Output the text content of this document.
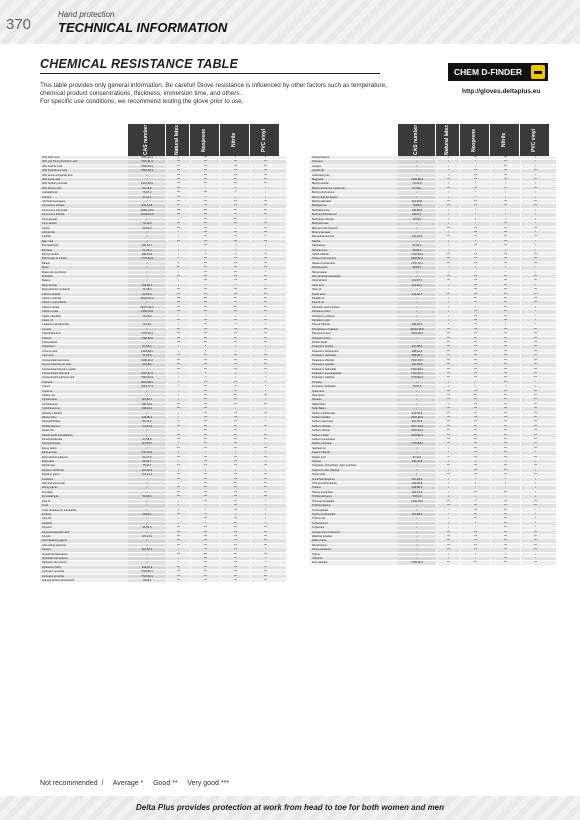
370
Hand protection
TECHNICAL INFORMATION
CHEMICAL RESISTANCE TABLE
This table provides only general information. Be careful! Glove resistance is influenced by other factors such as temperature,
chemical product concentrations, thickness, immersion time, and others.
For specific use conditions, we recommend testing the glove prior to use.
CHEM D-FINDER
http://gloves.deltaplus.eu
CAS number	Natural latex	Neoprene	Nitrile	PVC vinyl
20% Nitric acid	7697-37-2	/	***	*	*
30% and 5% Hydrochloric acid	7647-01-0	***	***	***	***
30% Sulfuric acid	7664-93-9	***	***	***	***
30% Hydrofluoric acid	7664-39-3	***	***	***	***
30% acetic anhydride acid	/	***	***	***	***
40% acetic acid	/	***	***	***	***
30% Sodium peroxide	1313-60-6	***	***	***	***
40% Formic acid	64-18-6	***	*	**	*
Acetaldehyde	75-07-0	***	***	*	/
Acetone	67-64-1	***	*	/	/
Alcoholic beverages	/	***	***	***	***
Ammonium acetate	631-61-8	***	***	***	***
Ammonium carbonate	10361-29-2	***	***	***	***
Ammonium fluoride	12125-01-8	***	***	***	***
Amyl acetate	/	/	***	***	/
Amyl alcohol	71-41-0	***	***	***	***
Aniline	62-53-3	***	***	/	***
Animal fats	/	*	***	***	***
Asphalt	/	/	***	***	**
Beer mud	/	***	***	***	***
Benzaldehyde	100-52-7	/	***	/	/
Benzene	71-43-2	/	/	*	/
Benzyl alcohol	100-51-6	*	**	**	**
Bichromate of potash	7778-50-9	*	***	***	***
Bleach	/	**	***	***	***
Borax	/	***	***	***	***
Brake oils (synthetic)	/	/	***	***	*
Bromides	/	***	***	***	***
Butane	/	/	***	***	***
Butyl acetate	123-86-4	/	*	*	/
Butyl alcohol (n-butanol)	71-36-3	***	***	***	***
Calcium acetate	62-54-4	***	***	***	***
Calcium chloride	10043-52-4	***	***	***	***
Calcium hypochlorite	/	***	***	***	***
Calcium nitrate	13477-34-4	***	***	***	***
Calcium oxide	1305-78-8	***	***	***	***
Carbon disulfide	75-15-0	/	/	/	/
Castor oil	/	***	***	***	***
Cellulose (decafluoride)	76-13-1	/	***	**	*
Cement	/	***	***	***	***
Chlorinated lime	7778-54-3	***	***	***	***
Chlorine	7782-50-5	***	***	***	***
Chloroethane	/	***	***	***	***
Chloroform	67-66-3	/	*	/	/
Chromic acid	1333-82-0	/	*	/	*
Citric acid	77-92-9	***	***	***	***
Concentrated ammonia	1336-21-6	***	***	***	***
Concentrated formic acid	64-18-6	***	***	***	***
Concentrated laundry powder	/	***	***	***	***
Concentrated nitric acid	7697-37-2	/	*	/	*
Concentrated sulphuric acid	7664-93-9	/	*	/	*
Creosote	8001-58-9	/	***	***	*
Cresol	1319-77-3	*	***	**	*
Crude oil	/	/	***	***	*
Cutting oils	/	/	***	***	***
Cyclohexane	110-82-7	/	***	***	/
Cyclohexanol	108-93-0	***	***	***	***
Cyclohexanone	108-94-1	***	***	/	/
Dicalcium alcohol	/	/	***	***	***
Dibutyl ether	142-96-1	/	***	***	/
Dibutylphthalate	84-74-2	**	***	***	*
Diethanolamine	111-42-2	***	***	***	***
Diesel oils	/	/	***	***	*
Diluted acids and alkalines	/	***	***	***	***
Dimethylsulfoxide	67-68-5	***	***	***	***
Dioctylphthalate	117-81-7	*	***	***	/
Epoxy resins	/	***	***	***	***
Ethyl acetate	141-78-6	/	*	/	/
Ethyl alcohol (ethanol)	64-17-5	***	***	***	***
Ethyl ether	60-29-7	/	***	***	/
Ethylamine	75-04-7	***	***	***	***
Ethylene dichloride	107-06-2	/	/	/	/
Ethylene glycol	107-21-1	***	***	***	***
Fertilizers	/	***	***	***	***
Fish and animal oils	/	/	***	***	***
Fixing agents	/	***	***	***	***
Fluorides	/	***	***	***	***
Formaldehyde	50-00-0	***	***	***	***
Fuel oil	/	/	***	***	*
Fuels	/	/	*	***	*
Fuels (fuel/fuel oil, bundstoffe)	/	/	*	***	*
Furfural	98-01-1	***	**	/	/
Gas oils	/	/	***	***	*
Gasoline	/	/	*	***	*
Glycerin	56-81-5	***	***	***	***
Glycerophosphoric acid	/	***	***	***	***
Glycols	107-21-1	***	***	***	***
Hair bleaching agents	/	***	***	***	***
Hair curling products	/	***	***	***	***
Hexane	110-54-3	/	***	***	*
Household detergents	/	***	***	***	***
Hydraulic fluid (esters)	/	/	***	***	*
Hydraulic oils (petrol)	/	/	***	***	*
Hydrazine (65%)	302-01-2	***	***	***	***
Hydrogen peroxide	7722-84-1	***	***	***	***
Hydrogen peroxide	7722-84-1	***	***	***	***
Isobutyl alcohol (isobutanol)	78-83-1	***	***	***	***
CAS number	Natural latex	Neoprene	Nitrile	PVC vinyl
Isobutyl ketone	/	/	***	***	/
Kerosene	/	/	*	***	*
Lacquer	/	/	/	***	*
Lanolin fat	/	*	***	***	***
Lubricating oils	/	/	***	***	*
Magnesia	1309-48-4	***	***	***	***
Methyl acetate	79-20-9	/	*	/	/
Methyl alcohol (or methanol)	67-56-1	***	***	***	***
Methyl ethyl ketone	/	/	*	/	/
Methyl isobutyl ketone	/	/	*	/	/
Methyl salicylate	119-36-8	***	***	***	***
Methylamine	74-89-5	***	***	***	***
Methylbenzene	108-88-3	/	*	*	/
Methylcyclohexanone	98-37-7	/	*	*	/
Methylene chloride	75-09-2	/	/	/	/
Methylformate	/	/	*	***	*
Milk and milk products	/	***	***	***	***
Mineral greases	/	/	***	***	*
Monoethanolamine	141-43-5	***	***	***	***
Naphta	/	/	*	***	*
Naphtalene	91-20-3	/	***	***	*
Nitrobenzene	98-95-3	/	*	/	/
Nickel chloride	7718-54-9	***	***	***	***
Nitrate of ammonium	6484-52-2	***	***	***	***
Nitrate of potassium	7757-79-1	***	***	***	***
Nitrobenzene	98-95-3	/	/	/	/
Nitropropane	/	/	*	*	/
Non-alcoholic beverages	/	***	***	***	***
Octyl alcohol	111-87-5	***	***	***	***
Oleic acid	112-80-1	/	***	***	*
Olive oil	/	/	***	***	***
Oxalic acid	144-62-7	***	***	***	***
Paraffin oil	/	/	***	***	***
Peanut oil	/	/	***	***	***
Perchloric acid mixtures	/	/	*	***	/
Petroleum ether	/	/	***	***	*
Petroleum products	/	/	***	***	*
Petroleum spirit	/	/	***	***	*
Phenol chloride	108-95-2	*	***	/	*
Phosphates of calcium	10103-46-5	***	***	***	***
Phosphoric acid	7664-38-2	***	***	***	***
Polyester resins	/	***	***	***	***
Potash liquid	/	***	***	***	***
Potassium acetate	127-08-2	***	***	***	***
Potassium bicarbonate	298-14-6	***	***	***	***
Potassium carbonate	584-08-7	***	***	***	***
Potassium chloride	7447-40-7	***	***	***	***
Potassium cyanide	151-50-8	***	***	***	***
Potassium hydroxide	1310-58-3	***	***	***	***
Potassium permanganate	7722-64-7	***	***	***	***
Potassium sulphate	7778-80-5	***	***	***	***
Propane	/	/	*	***	*
Propylene dichloride	78-87-5	/	/	/	/
Quick lime	/	***	***	***	***
Shampoos	/	***	***	***	***
Silicates	/	***	***	***	***
Skidoil Dien	/	/	***	***	***
Soap flakes	/	***	***	***	***
Sodium bicarbonate	144-55-8	***	***	***	***
Sodium bisulfite	7631-90-5	***	***	***	***
Sodium carbonate	497-19-8	***	***	***	***
Sodium chloride	7647-14-5	***	***	***	***
Sodium chlorite	7681-52-9	***	***	***	***
Sodium nitrate	7631-99-4	***	***	***	***
Sodium phosphates	/	***	***	***	***
Sodium sulphate	7757-82-6	***	***	***	***
Soybean oil	/	/	***	***	***
Stearic chloride	/	*	***	***	*
Stearic acid	57-11-4	**	***	***	***
Styrene	100-42-5	/	/	/	/
Sulphates, phosphates, hypo sulphites	/	***	***	***	***
Sulphuric ether (diethyl)	/	/	***	***	/
Tannic acid	/	***	***	***	***
Tetrachloroethylene	127-18-4	/	*	*	/
THF (tetrahydrofuran)	109-99-9	/	/	/	/
Toluene	108-88-3	/	*	*	/
Toluylo phosphate	126-73-8	/	***	***	*
Trichloroethylene	79-01-6	/	/	/	/
Tricresyl phosphate	1330-78-5	***	**	***	***
Triethanolamine	/	***	***	***	***
Tricresylphate	/	*	***	***	*
Triphenyl phosphate	115-86-6	*	***	***	*
Turbine oils	/	/	***	***	*
Turpentine oil	/	/	*	***	*
Turpentine	/	/	*	***	*
Vinegar and condiments	/	***	***	***	***
Washing powders	/	***	***	***	***
Water paints	/	***	***	***	***
Wood lotions	/	***	***	***	***
Wood emulsions	/	***	***	***	***
Xylene	/	/	/	*	/
Xylophen	/	/	*	***	*
Zinc sulphate	7733-02-0	***	***	***	***
Not recommended  /     Average *     Good **     Very good ***
Delta Plus provides protection at work from head to toe for both women and men
